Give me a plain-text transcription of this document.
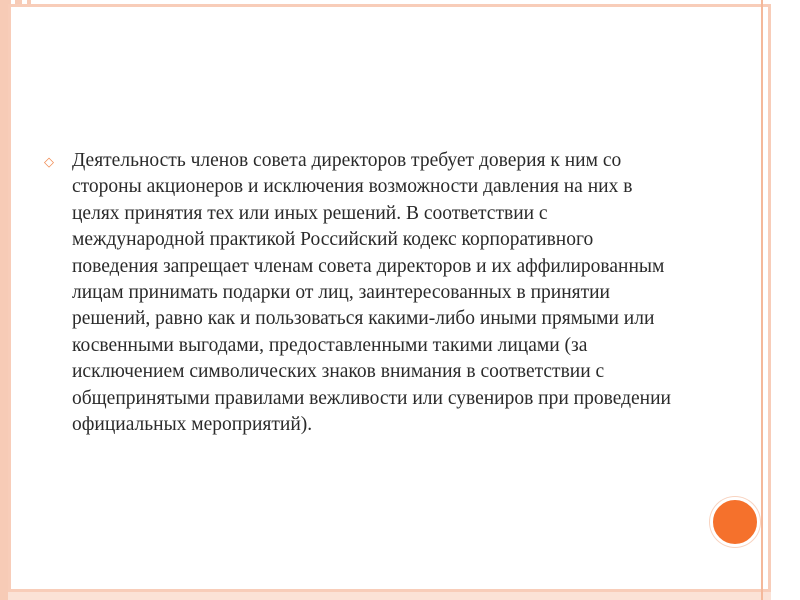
◇ Деятельность членов совета директоров требует доверия к ним со стороны акционеров и исключения возможности давления на них в целях принятия тех или иных решений. В соответствии с международной практикой Российский кодекс корпоративного поведения запрещает членам совета директоров и их аффилированным лицам принимать подарки от лиц, заинтересованных в принятии решений, равно как и пользоваться какими-либо иными прямыми или косвенными выгодами, предоставленными такими лицами (за исключением символических знаков внимания в соответствии с общепринятыми правилами вежливости или сувениров при проведении официальных мероприятий).
